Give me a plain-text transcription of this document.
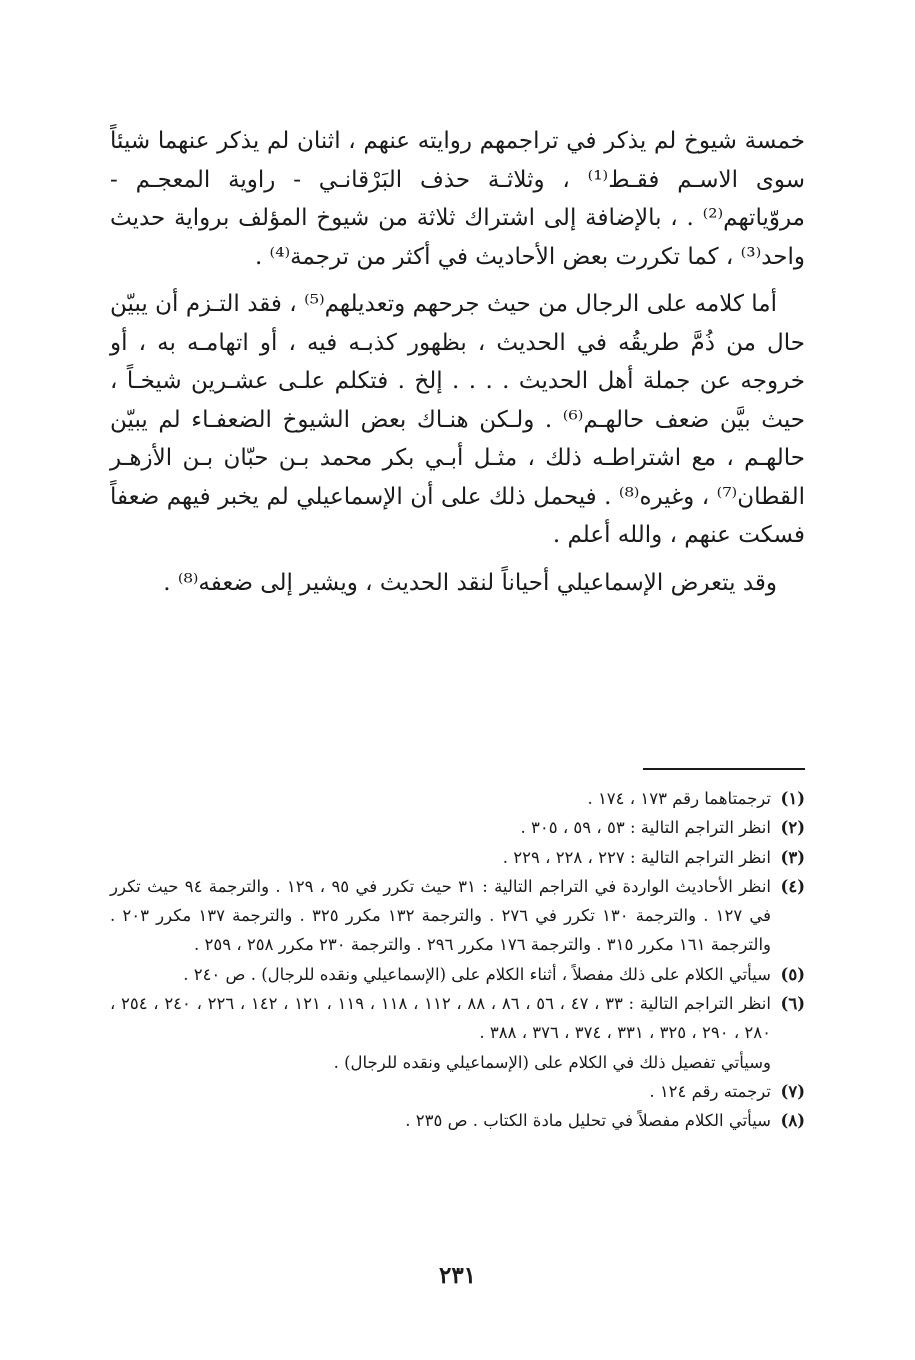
خمسة شيوخ لم يذكر في تراجمهم روايته عنهم ، اثنان لم يذكر عنهما شيئاً سوى الاسـم فقـط⁽¹⁾ ، وثلاثـة حذف البَرْقانـي - راوية المعجـم - مروّياتهم⁽²⁾ . ، بالإضافة إلى اشتراك ثلاثة من شيوخ المؤلف برواية حديث واحد⁽³⁾ ، كما تكررت بعض الأحاديث في أكثر من ترجمة⁽⁴⁾ .

أما كلامه على الرجال من حيث جرحهم وتعديلهم⁽⁵⁾ ، فقد التـزم أن يبيّن حال من ذُمَّ طريقُه في الحديث ، بظهور كذبـه فيه ، أو اتهامـه به ، أو خروجه عن جملة أهل الحديث . . . . إلخ . فتكلم علـى عشـرين شيخـاً ، حيث بيَّن ضعف حالهـم⁽⁶⁾ . ولـكن هنـاك بعض الشيوخ الضعفـاء لم يبيّن حالهـم ، مع اشتراطـه ذلك ، مثـل أبـي بكر محمد بـن حبّان بـن الأزهـر القطان⁽⁷⁾ ، وغيره⁽⁸⁾ . فيحمل ذلك على أن الإسماعيلي لم يخبر فيهم ضعفاً فسكت عنهم ، والله أعلم .

وقد يتعرض الإسماعيلي أحياناً لنقد الحديث ، ويشير إلى ضعفه⁽⁸⁾ .

(١)
ترجمتاهما رقم ١٧٣ ، ١٧٤ .
(٢)
انظر التراجم التالية : ٥٣ ، ٥٩ ، ٣٠٥ .
(٣)
انظر التراجم التالية : ٢٢٧ ، ٢٢٨ ، ٢٢٩ .
(٤)
انظر الأحاديث الواردة في التراجم التالية : ٣١ حيث تكرر في ٩٥ ، ١٢٩ . والترجمة ٩٤ حيث تكرر في ١٢٧ . والترجمة ١٣٠ تكرر في ٢٧٦ . والترجمة ١٣٢ مكرر ٣٢٥ . والترجمة ١٣٧ مكرر ٢٠٣ . والترجمة ١٦١ مكرر ٣١٥ . والترجمة ١٧٦ مكرر ٢٩٦ . والترجمة ٢٣٠ مكرر ٢٥٨ ، ٢٥٩ .
(٥)
سيأتي الكلام على ذلك مفصلاً ، أثناء الكلام على (الإسماعيلي ونقده للرجال) . ص ٢٤٠ .
(٦)
انظر التراجم التالية : ٣٣ ، ٤٧ ، ٥٦ ، ٨٦ ، ٨٨ ، ١١٢ ، ١١٨ ، ١١٩ ، ١٢١ ، ١٤٢ ، ٢٢٦ ، ٢٤٠ ، ٢٥٤ ، ٢٨٠ ، ٢٩٠ ، ٣٢٥ ، ٣٣١ ، ٣٧٤ ، ٣٧٦ ، ٣٨٨ .
وسيأتي تفصيل ذلك في الكلام على (الإسماعيلي ونقده للرجال) .
(٧)
ترجمته رقم ١٢٤ .
(٨)
سيأتي الكلام مفصلاً في تحليل مادة الكتاب . ص ٢٣٥ .
٢٣١
